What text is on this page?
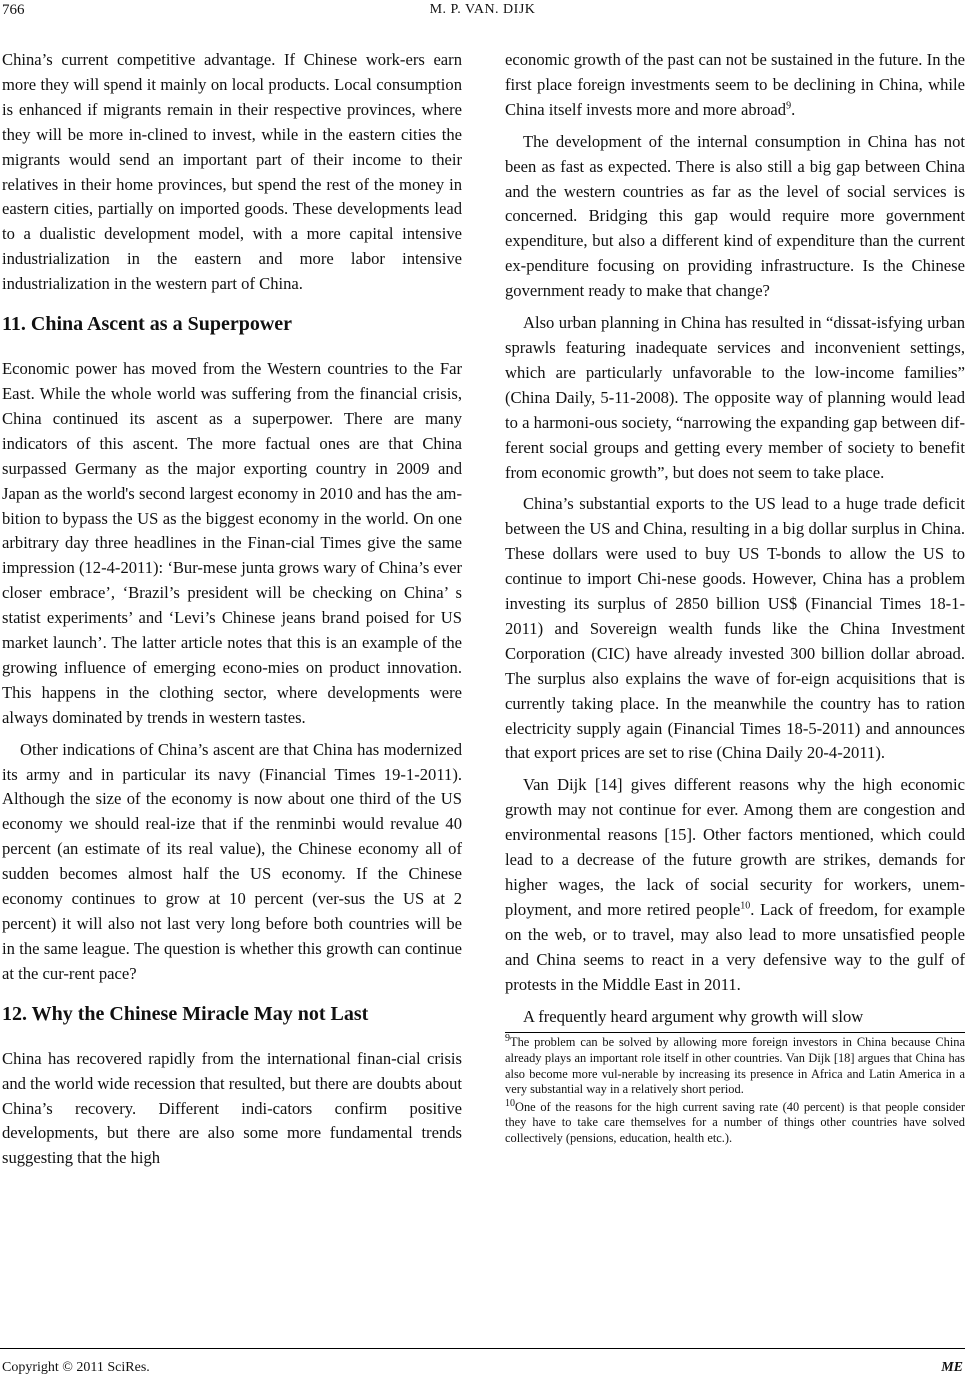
766	M. P. VAN. DIJK

China’s current competitive advantage. If Chinese work-ers earn more they will spend it mainly on local products. Local consumption is enhanced if migrants remain in their respective provinces, where they will be more in-clined to invest, while in the eastern cities the migrants would send an important part of their income to their relatives in their home provinces, but spend the rest of the money in eastern cities, partially on imported goods. These developments lead to a dualistic development model, with a more capital intensive industrialization in the eastern and more labor intensive industrialization in the western part of China.

11. China Ascent as a Superpower

Economic power has moved from the Western countries to the Far East. While the whole world was suffering from the financial crisis, China continued its ascent as a superpower. There are many indicators of this ascent. The more factual ones are that China surpassed Germany as the major exporting country in 2009 and Japan as the world's second largest economy in 2010 and has the am-bition to bypass the US as the biggest economy in the world. On one arbitrary day three headlines in the Finan-cial Times give the same impression (12-4-2011): ‘Bur-mese junta grows wary of China’s ever closer embrace’, ‘Brazil’s president will be checking on China’ s statist experiments’ and ‘Levi’s Chinese jeans brand poised for US market launch’. The latter article notes that this is an example of the growing influence of emerging econo-mies on product innovation. This happens in the clothing sector, where developments were always dominated by trends in western tastes.

Other indications of China’s ascent are that China has modernized its army and in particular its navy (Financial Times 19-1-2011). Although the size of the economy is now about one third of the US economy we should real-ize that if the renminbi would revalue 40 percent (an estimate of its real value), the Chinese economy all of sudden becomes almost half the US economy. If the Chinese economy continues to grow at 10 percent (ver-sus the US at 2 percent) it will also not last very long before both countries will be in the same league. The question is whether this growth can continue at the cur-rent pace?

12. Why the Chinese Miracle May not Last

China has recovered rapidly from the international finan-cial crisis and the world wide recession that resulted, but there are doubts about China’s recovery. Different indi-cators confirm positive developments, but there are also some more fundamental trends suggesting that the high

economic growth of the past can not be sustained in the future. In the first place foreign investments seem to be declining in China, while China itself invests more and more abroad$^9$.

The development of the internal consumption in China has not been as fast as expected. There is also still a big gap between China and the western countries as far as the level of social services is concerned. Bridging this gap would require more government expenditure, but also a different kind of expenditure than the current ex-penditure focusing on providing infrastructure. Is the Chinese government ready to make that change?

Also urban planning in China has resulted in “dissat-isfying urban sprawls featuring inadequate services and inconvenient settings, which are particularly unfavorable to the low-income families” (China Daily, 5-11-2008). The opposite way of planning would lead to a harmoni-ous society, “narrowing the expanding gap between dif-ferent social groups and getting every member of society to benefit from economic growth”, but does not seem to take place.

China’s substantial exports to the US lead to a huge trade deficit between the US and China, resulting in a big dollar surplus in China. These dollars were used to buy US T-bonds to allow the US to continue to import Chi-nese goods. However, China has a problem investing its surplus of 2850 billion US$ (Financial Times 18-1-2011) and Sovereign wealth funds like the China Investment Corporation (CIC) have already invested 300 billion dollar abroad. The surplus also explains the wave of for-eign acquisitions that is currently taking place. In the meanwhile the country has to ration electricity supply again (Financial Times 18-5-2011) and announces that export prices are set to rise (China Daily 20-4-2011).

Van Dijk [14] gives different reasons why the high economic growth may not continue for ever. Among them are congestion and environmental reasons [15]. Other factors mentioned, which could lead to a decrease of the future growth are strikes, demands for higher wages, the lack of social security for workers, unem-ployment, and more retired people$^{10}$. Lack of freedom, for example on the web, or to travel, may also lead to more unsatisfied people and China seems to react in a very defensive way to the gulf of protests in the Middle East in 2011.

A frequently heard argument why growth will slow

$^9$The problem can be solved by allowing more foreign investors in China because China already plays an important role itself in other countries. Van Dijk [18] argues that China has also become more vul-nerable by increasing its presence in Africa and Latin America in a very substantial way in a relatively short period.

$^{10}$One of the reasons for the high current saving rate (40 percent) is that people consider they have to take care themselves for a number of things other countries have solved collectively (pensions, education, health etc.).

Copyright © 2011 SciRes.	ME
